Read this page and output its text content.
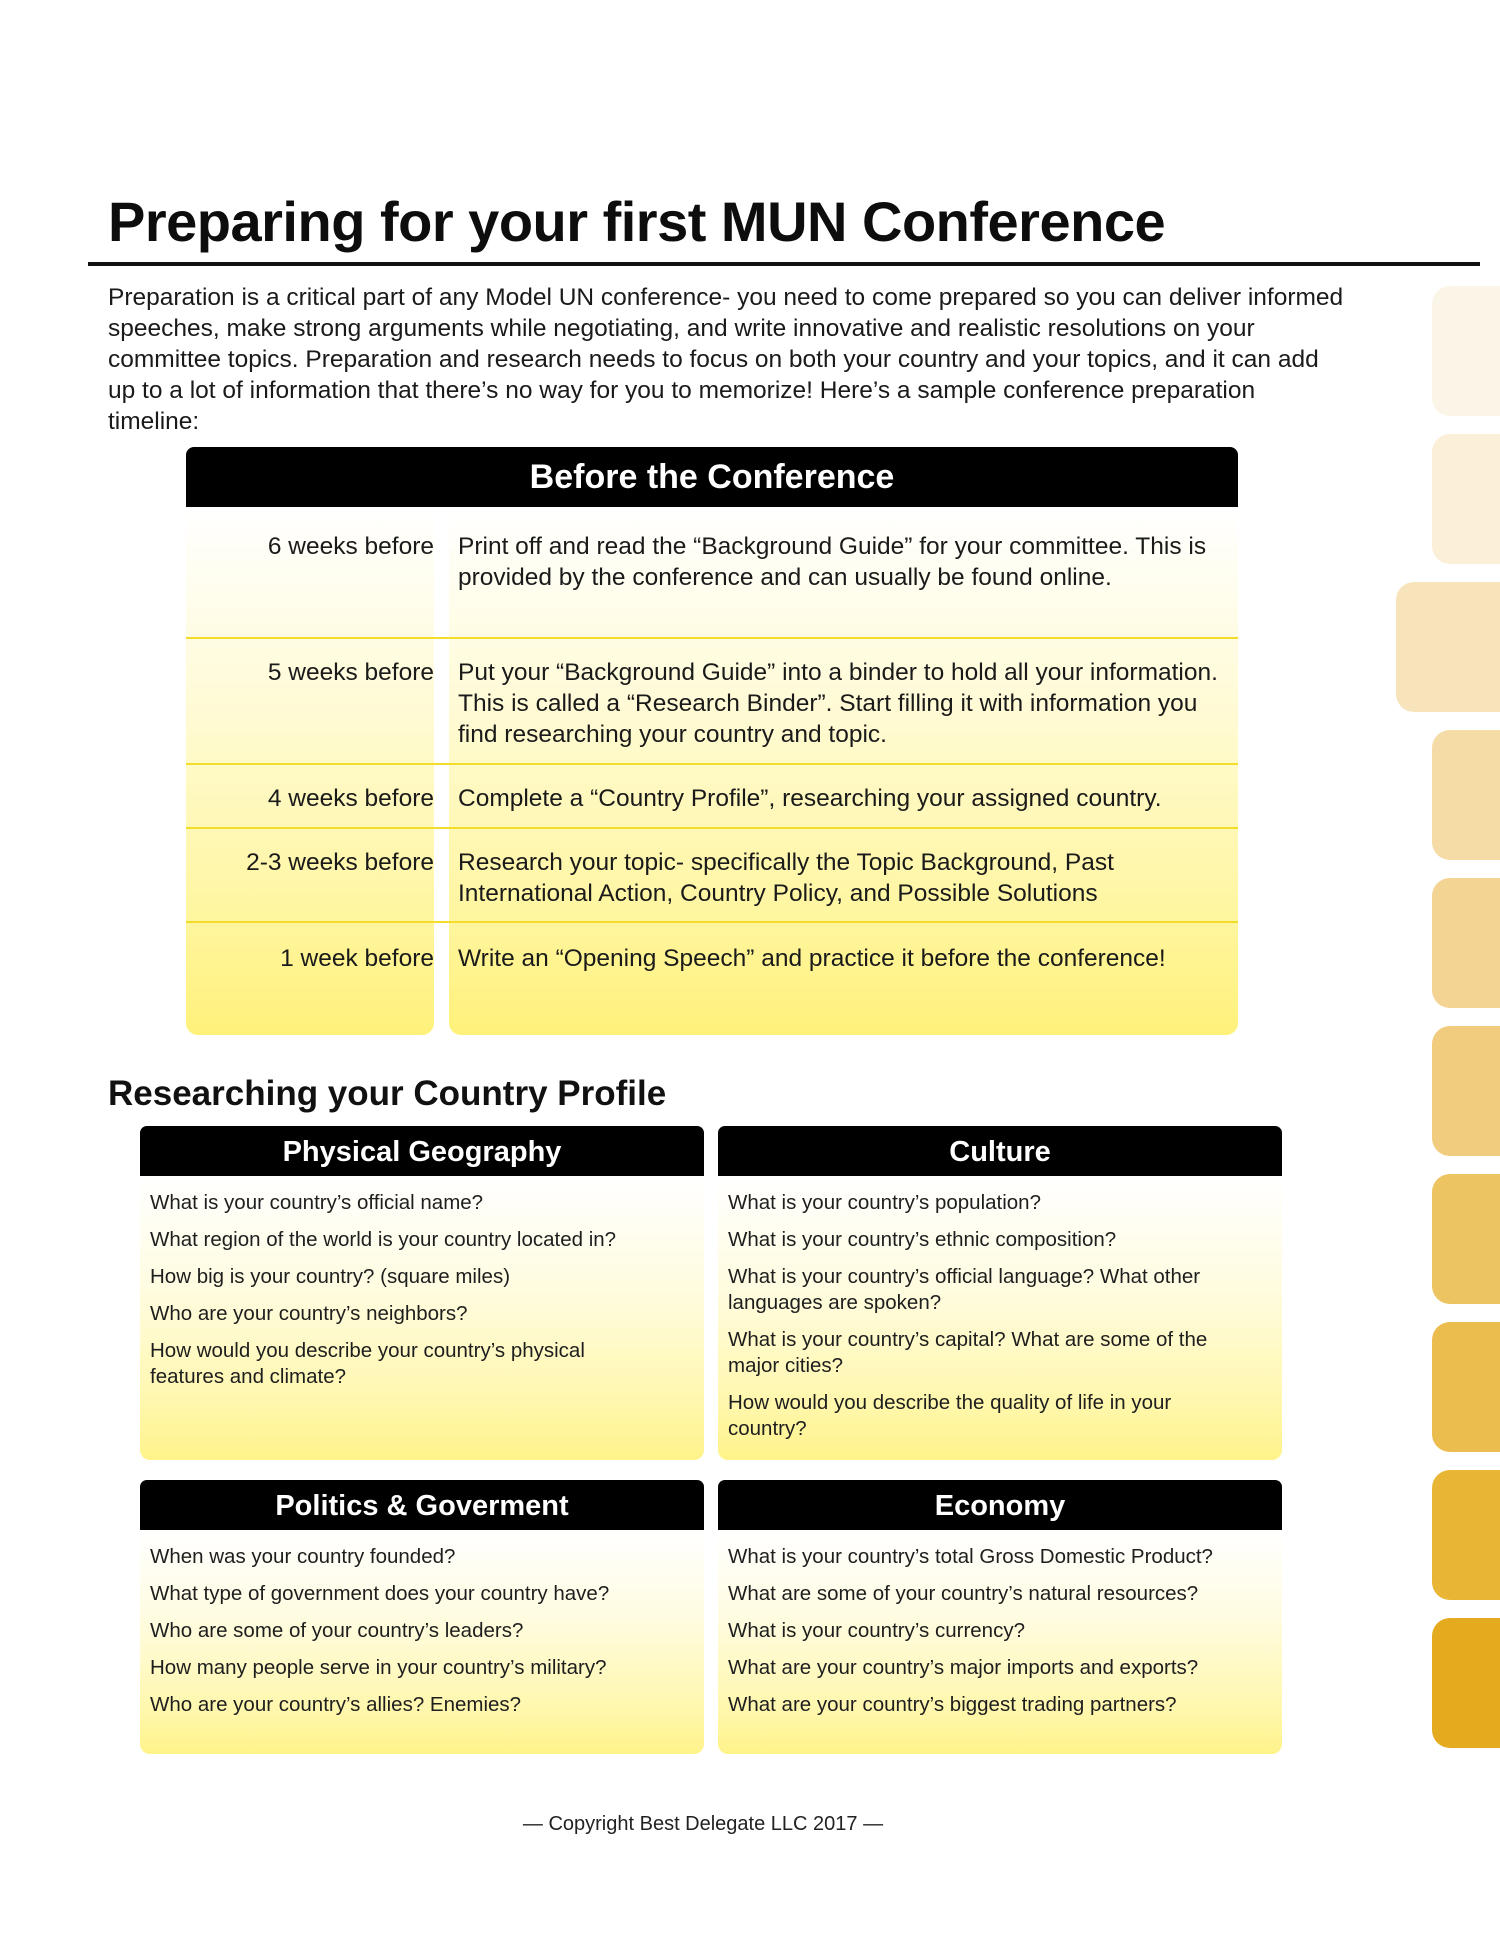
Preparing for your first MUN Conference

Preparation is a critical part of any Model UN conference- you need to come prepared so you can deliver informed speeches, make strong arguments while negotiating, and write innovative and realistic resolutions on your committee topics. Preparation and research needs to focus on both your country and your topics, and it can add up to a lot of information that there’s no way for you to memorize! Here’s a sample conference preparation timeline:

Before the Conference
6 weeks before Print off and read the “Background Guide” for your committee. This is provided by the conference and can usually be found online.
5 weeks before Put your “Background Guide” into a binder to hold all your information. This is called a “Research Binder”. Start filling it with information you find researching your country and topic.
4 weeks before Complete a “Country Profile”, researching your assigned country.
2-3 weeks before Research your topic- specifically the Topic Background, Past International Action, Country Policy, and Possible Solutions
1 week before Write an “Opening Speech” and practice it before the conference!
Researching your Country Profile
Physical Geography
What is your country’s official name?
What region of the world is your country located in?
How big is your country? (square miles)
Who are your country’s neighbors?
How would you describe your country’s physical features and climate?
Culture
What is your country’s population?
What is your country’s ethnic composition?
What is your country’s official language? What other languages are spoken?
What is your country’s capital? What are some of the major cities?
How would you describe the quality of life in your country?
Politics & Goverment
When was your country founded?
What type of government does your country have?
Who are some of your country’s leaders?
How many people serve in your country’s military?
Who are your country’s allies? Enemies?
Economy
What is your country’s total Gross Domestic Product?
What are some of your country’s natural resources?
What is your country’s currency?
What are your country’s major imports and exports?
What are your country’s biggest trading partners?
— Copyright Best Delegate LLC 2017 —
